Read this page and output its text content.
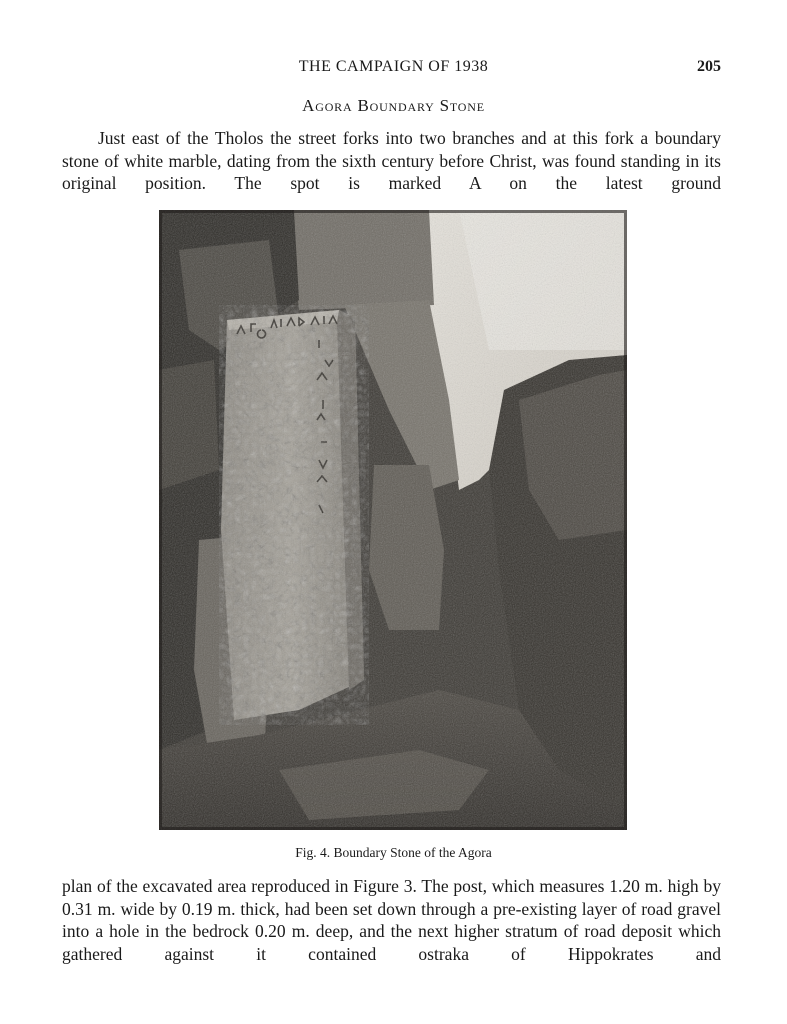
THE CAMPAIGN OF 1938	205
Agora Boundary Stone

Just east of the Tholos the street forks into two branches and at this fork a boundary stone of white marble, dating from the sixth century before Christ, was found standing in its original position. The spot is marked A on the latest ground

Fig. 4. Boundary Stone of the Agora

plan of the excavated area reproduced in Figure 3. The post, which measures 1.20 m. high by 0.31 m. wide by 0.19 m. thick, had been set down through a pre-existing layer of road gravel into a hole in the bedrock 0.20 m. deep, and the next higher stratum of road deposit which gathered against it contained ostraka of Hippokrates and
